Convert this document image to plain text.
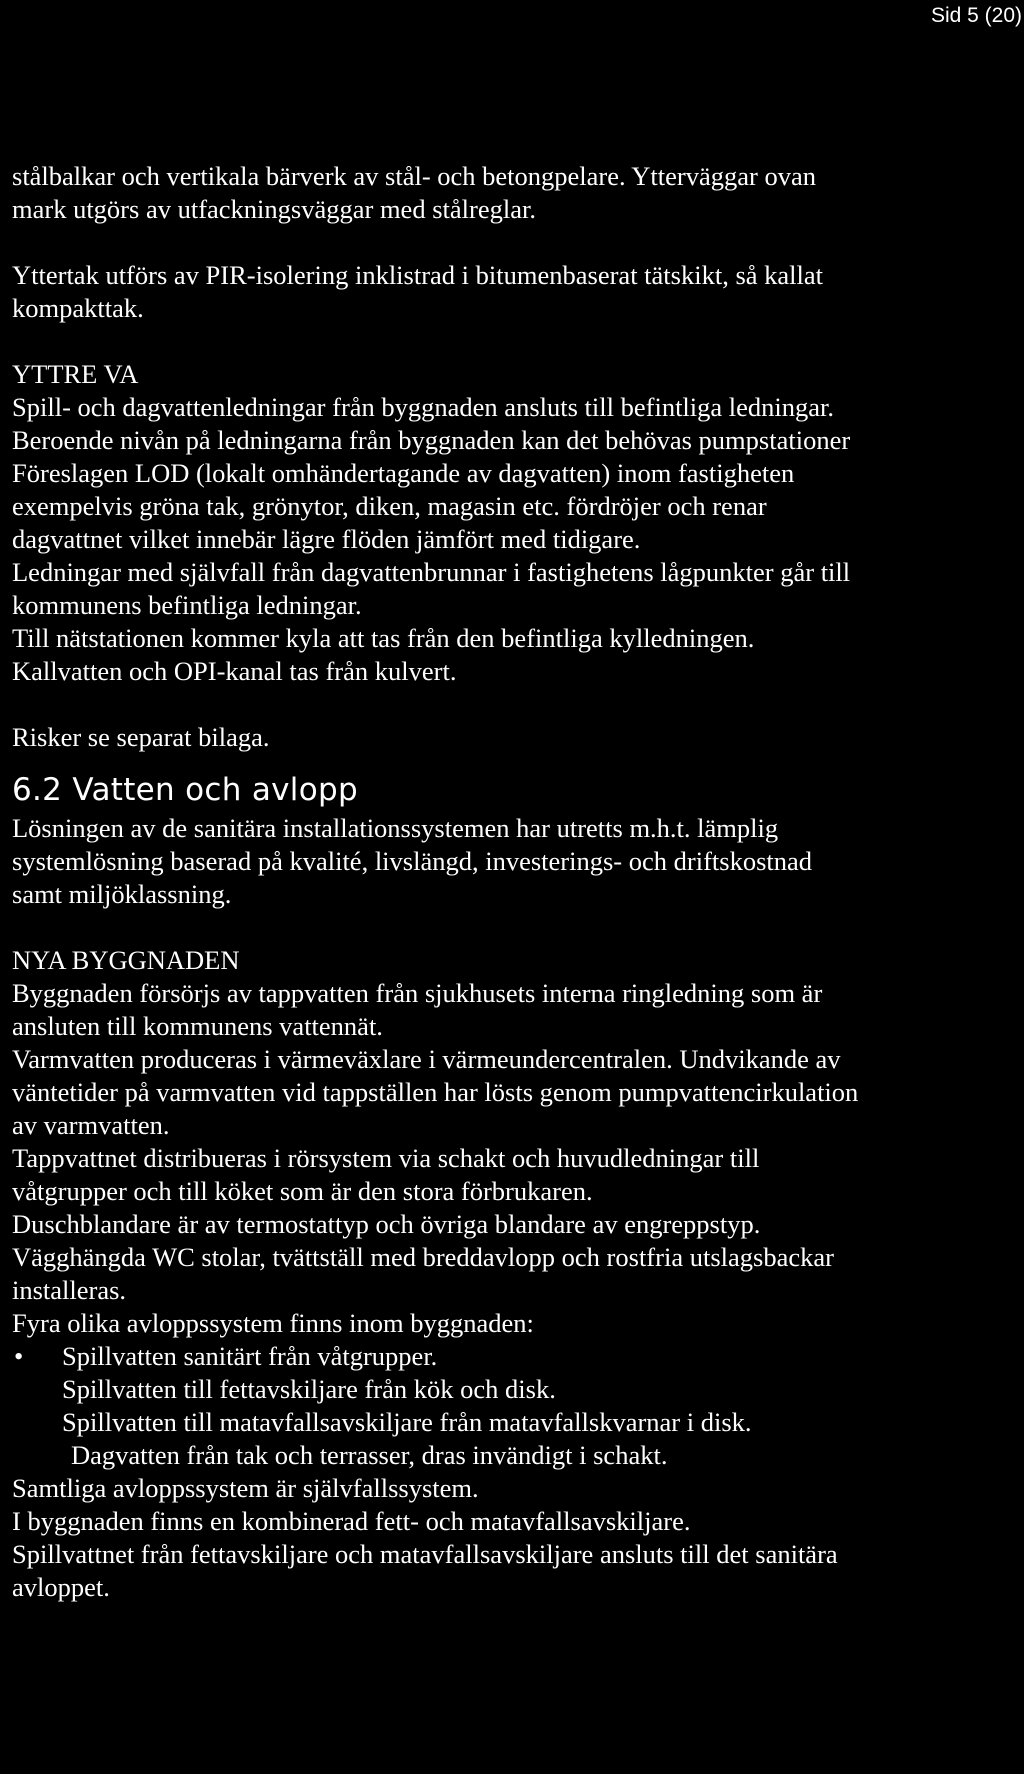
Sid 5 (20)

stålbalkar och vertikala bärverk av stål- och betongpelare. Ytterväggar ovan

mark utgörs av utfackningsväggar med stålreglar.

Yttertak utförs av PIR-isolering inklistrad i bitumenbaserat tätskikt, så kallat

kompakttak.

YTTRE VA

Spill- och dagvattenledningar från byggnaden ansluts till befintliga ledningar.

Beroende nivån på ledningarna från byggnaden kan det behövas pumpstationer

Föreslagen LOD (lokalt omhändertagande av dagvatten) inom fastigheten

exempelvis gröna tak, grönytor, diken, magasin etc. fördröjer och renar

dagvattnet vilket innebär lägre flöden jämfört med tidigare.

Ledningar med självfall från dagvattenbrunnar i fastighetens lågpunkter går till

kommunens befintliga ledningar.

Till nätstationen kommer kyla att tas från den befintliga kylledningen.

Kallvatten och OPI-kanal tas från kulvert.

Risker se separat bilaga.

6.2 Vatten och avlopp

Lösningen av de sanitära installationssystemen har utretts m.h.t. lämplig

systemlösning baserad på kvalité, livslängd, investerings- och driftskostnad

samt miljöklassning.

NYA BYGGNADEN

Byggnaden försörjs av tappvatten från sjukhusets interna ringledning som är

ansluten till kommunens vattennät.

Varmvatten produceras i värmeväxlare i värmeundercentralen. Undvikande av

väntetider på varmvatten vid tappställen har lösts genom pumpvattencirkulation

av varmvatten.

Tappvattnet distribueras i rörsystem via schakt och huvudledningar till

våtgrupper och till köket som är den stora förbrukaren.

Duschblandare är av termostattyp och övriga blandare av engreppstyp.

Vägghängda WC stolar, tvättställ med breddavlopp och rostfria utslagsbackar

installeras.

Fyra olika avloppssystem finns inom byggnaden:

• Spillvatten sanitärt från våtgrupper.
Spillvatten till fettavskiljare från kök och disk.
Spillvatten till matavfallsavskiljare från matavfallskvarnar i disk.
Dagvatten från tak och terrasser, dras invändigt i schakt.

Samtliga avloppssystem är självfallssystem.

I byggnaden finns en kombinerad fett- och matavfallsavskiljare.

Spillvattnet från fettavskiljare och matavfallsavskiljare ansluts till det sanitära

avloppet.
